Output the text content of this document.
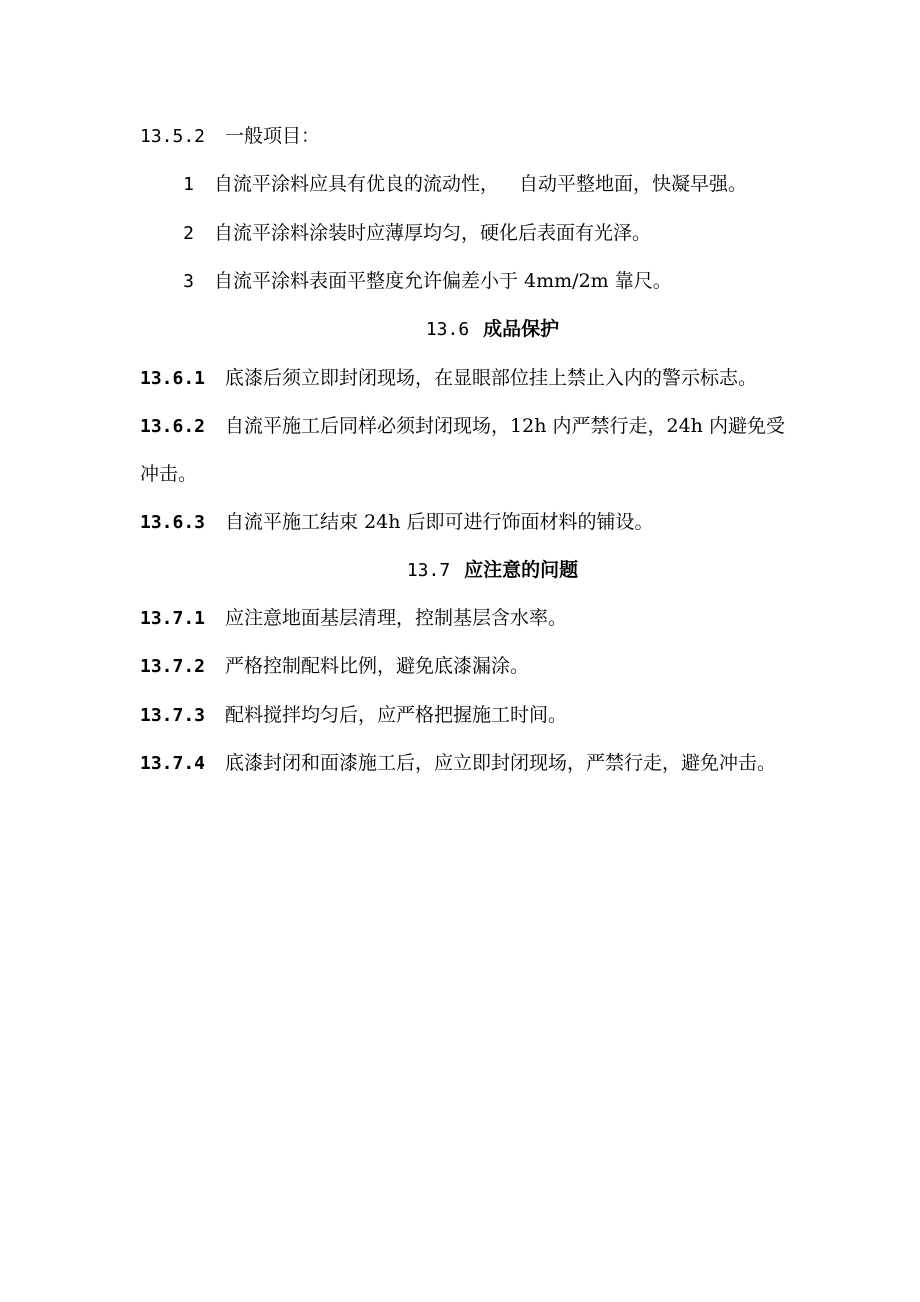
13.5.2 一般项目：
1 自流平涂料应具有优良的流动性， 自动平整地面，快凝早强。
2 自流平涂料涂装时应薄厚均匀，硬化后表面有光泽。
3 自流平涂料表面平整度允许偏差小于 4mm/2m 靠尺。
13.6 成品保护
13.6.1 底漆后须立即封闭现场，在显眼部位挂上禁止入内的警示标志。
13.6.2 自流平施工后同样必须封闭现场，12h 内严禁行走，24h 内避免受
冲击。
13.6.3 自流平施工结束 24h 后即可进行饰面材料的铺设。
13.7 应注意的问题
13.7.1 应注意地面基层清理，控制基层含水率。
13.7.2 严格控制配料比例，避免底漆漏涂。
13.7.3 配料搅拌均匀后，应严格把握施工时间。
13.7.4 底漆封闭和面漆施工后，应立即封闭现场，严禁行走，避免冲击。
